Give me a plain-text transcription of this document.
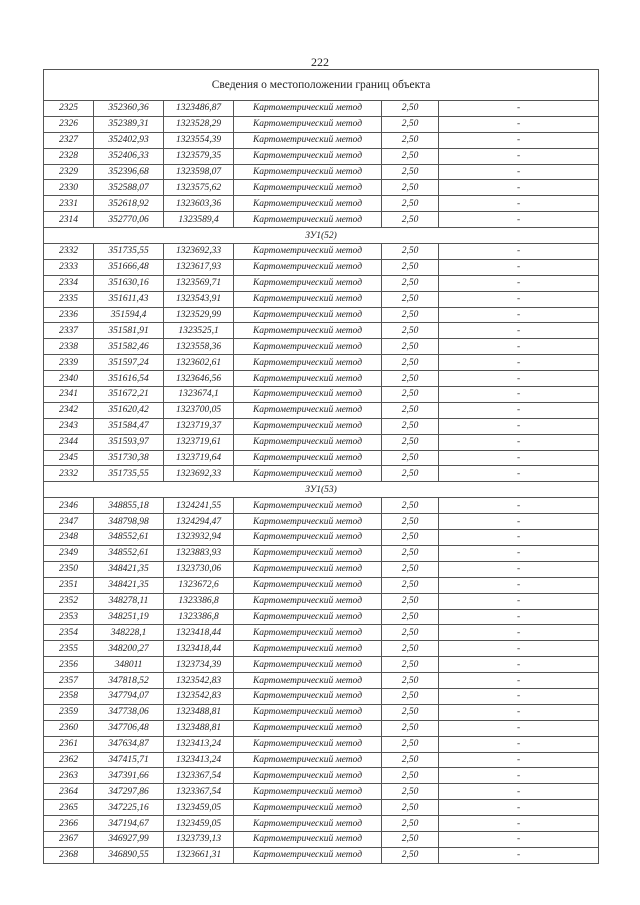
222
Сведения о местоположении границ объекта					
2325	352360,36	1323486,87	Картометрический метод	2,50	-
2326	352389,31	1323528,29	Картометрический метод	2,50	-
2327	352402,93	1323554,39	Картометрический метод	2,50	-
2328	352406,33	1323579,35	Картометрический метод	2,50	-
2329	352396,68	1323598,07	Картометрический метод	2,50	-
2330	352588,07	1323575,62	Картометрический метод	2,50	-
2331	352618,92	1323603,36	Картометрический метод	2,50	-
2314	352770,06	1323589,4	Картометрический метод	2,50	-
ЗУ1(52)					
2332	351735,55	1323692,33	Картометрический метод	2,50	-
2333	351666,48	1323617,93	Картометрический метод	2,50	-
2334	351630,16	1323569,71	Картометрический метод	2,50	-
2335	351611,43	1323543,91	Картометрический метод	2,50	-
2336	351594,4	1323529,99	Картометрический метод	2,50	-
2337	351581,91	1323525,1	Картометрический метод	2,50	-
2338	351582,46	1323558,36	Картометрический метод	2,50	-
2339	351597,24	1323602,61	Картометрический метод	2,50	-
2340	351616,54	1323646,56	Картометрический метод	2,50	-
2341	351672,21	1323674,1	Картометрический метод	2,50	-
2342	351620,42	1323700,05	Картометрический метод	2,50	-
2343	351584,47	1323719,37	Картометрический метод	2,50	-
2344	351593,97	1323719,61	Картометрический метод	2,50	-
2345	351730,38	1323719,64	Картометрический метод	2,50	-
2332	351735,55	1323692,33	Картометрический метод	2,50	-
ЗУ1(53)					
2346	348855,18	1324241,55	Картометрический метод	2,50	-
2347	348798,98	1324294,47	Картометрический метод	2,50	-
2348	348552,61	1323932,94	Картометрический метод	2,50	-
2349	348552,61	1323883,93	Картометрический метод	2,50	-
2350	348421,35	1323730,06	Картометрический метод	2,50	-
2351	348421,35	1323672,6	Картометрический метод	2,50	-
2352	348278,11	1323386,8	Картометрический метод	2,50	-
2353	348251,19	1323386,8	Картометрический метод	2,50	-
2354	348228,1	1323418,44	Картометрический метод	2,50	-
2355	348200,27	1323418,44	Картометрический метод	2,50	-
2356	348011	1323734,39	Картометрический метод	2,50	-
2357	347818,52	1323542,83	Картометрический метод	2,50	-
2358	347794,07	1323542,83	Картометрический метод	2,50	-
2359	347738,06	1323488,81	Картометрический метод	2,50	-
2360	347706,48	1323488,81	Картометрический метод	2,50	-
2361	347634,87	1323413,24	Картометрический метод	2,50	-
2362	347415,71	1323413,24	Картометрический метод	2,50	-
2363	347391,66	1323367,54	Картометрический метод	2,50	-
2364	347297,86	1323367,54	Картометрический метод	2,50	-
2365	347225,16	1323459,05	Картометрический метод	2,50	-
2366	347194,67	1323459,05	Картометрический метод	2,50	-
2367	346927,99	1323739,13	Картометрический метод	2,50	-
2368	346890,55	1323661,31	Картометрический метод	2,50	-
